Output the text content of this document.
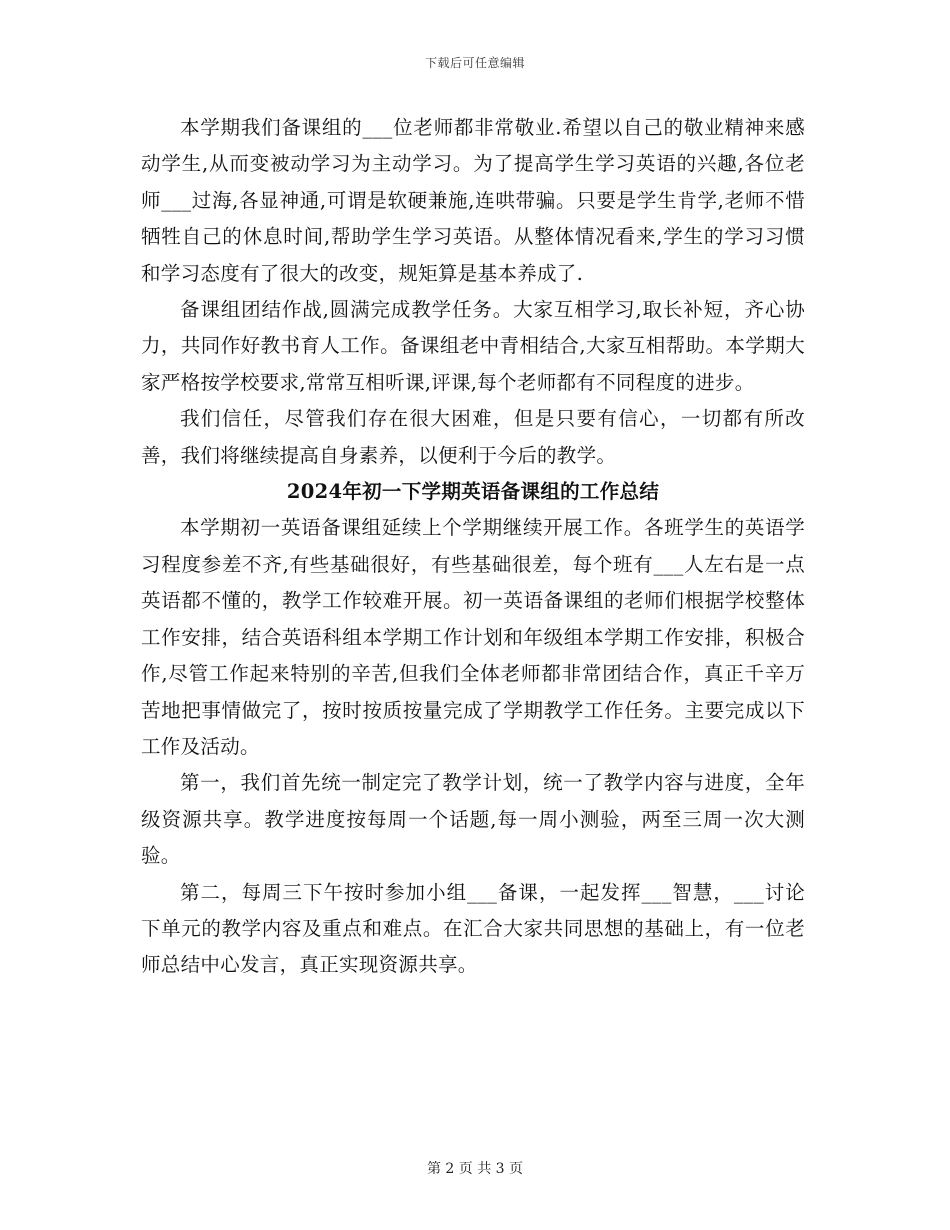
下载后可任意编辑

本学期我们备课组的___位老师都非常敬业.希望以自己的敬业精神来感动学生,从而变被动学习为主动学习。为了提高学生学习英语的兴趣,各位老师___过海,各显神通,可谓是软硬兼施,连哄带骗。只要是学生肯学,老师不惜牺牲自己的休息时间,帮助学生学习英语。从整体情况看来,学生的学习习惯和学习态度有了很大的改变，规矩算是基本养成了.

备课组团结作战,圆满完成教学任务。大家互相学习,取长补短，齐心协力，共同作好教书育人工作。备课组老中青相结合,大家互相帮助。本学期大家严格按学校要求,常常互相听课,评课,每个老师都有不同程度的进步。

我们信任，尽管我们存在很大困难，但是只要有信心，一切都有所改善，我们将继续提高自身素养，以便利于今后的教学。

2024年初一下学期英语备课组的工作总结

本学期初一英语备课组延续上个学期继续开展工作。各班学生的英语学习程度参差不齐,有些基础很好，有些基础很差，每个班有___人左右是一点英语都不懂的，教学工作较难开展。初一英语备课组的老师们根据学校整体工作安排，结合英语科组本学期工作计划和年级组本学期工作安排，积极合作,尽管工作起来特别的辛苦,但我们全体老师都非常团结合作，真正千辛万苦地把事情做完了，按时按质按量完成了学期教学工作任务。主要完成以下工作及活动。

第一，我们首先统一制定完了教学计划，统一了教学内容与进度，全年级资源共享。教学进度按每周一个话题,每一周小测验，两至三周一次大测验。

第二，每周三下午按时参加小组___备课，一起发挥___智慧，___讨论下单元的教学内容及重点和难点。在汇合大家共同思想的基础上，有一位老师总结中心发言，真正实现资源共享。

第 2 页 共 3 页
